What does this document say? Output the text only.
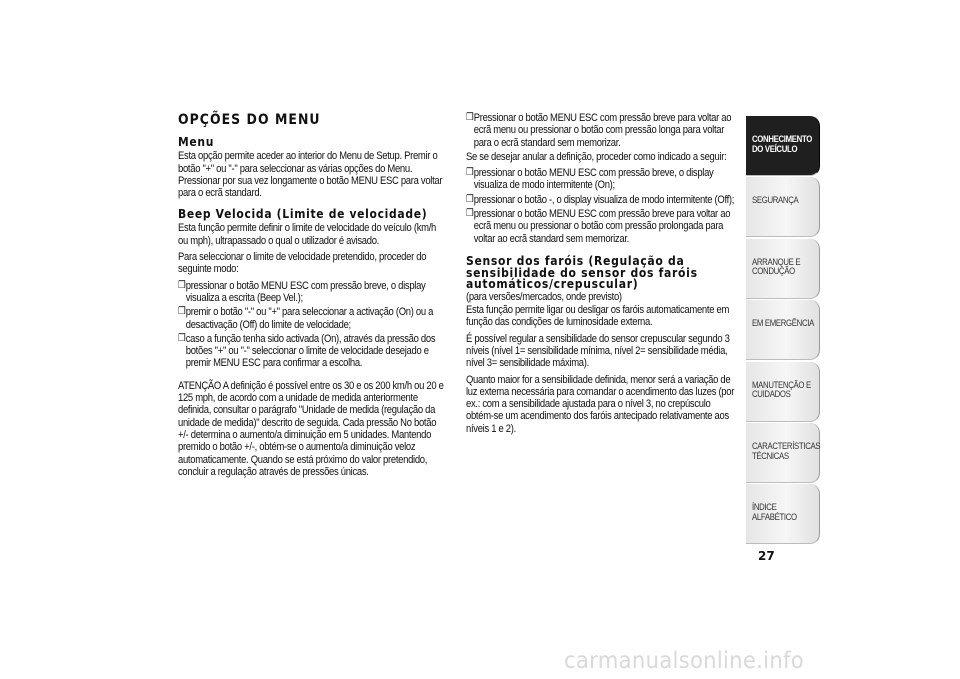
OPÇÕES DO MENU
Menu

Esta opção permite aceder ao interior do Menu de Setup. Premir o botão "+" ou "-" para seleccionar as várias opções do Menu. Pressionar por sua vez longamente o botão MENU ESC para voltar para o ecrã standard.

Beep Velocida (Limite de velocidade)

Esta função permite definir o limite de velocidade do veículo (km/h ou mph), ultrapassado o qual o utilizador é avisado.

Para seleccionar o limite de velocidade pretendido, proceder do seguinte modo:

❒ pressionar o botão MENU ESC com pressão breve, o display visualiza a escrita (Beep Vel.);
❒ premir o botão "-" ou "+" para seleccionar a activação (On) ou a desactivação (Off) do limite de velocidade;
❒ caso a função tenha sido activada (On), através da pressão dos botões "+" ou "-" seleccionar o limite de velocidade desejado e premir MENU ESC para confirmar a escolha.

ATENÇÃO A definição é possível entre os 30 e os 200 km/h ou 20 e 125 mph, de acordo com a unidade de medida anteriormente definida, consultar o parágrafo "Unidade de medida (regulação da unidade de medida)" descrito de seguida. Cada pressão No botão +/- determina o aumento/a diminuição em 5 unidades. Mantendo premido o botão +/-, obtém-se o aumento/a diminuição veloz automaticamente. Quando se está próximo do valor pretendido, concluir a regulação através de pressões únicas.

❒ Pressionar o botão MENU ESC com pressão breve para voltar ao ecrã menu ou pressionar o botão com pressão longa para voltar para o ecrã standard sem memorizar.

Se se desejar anular a definição, proceder como indicado a seguir:

❒ pressionar o botão MENU ESC com pressão breve, o display visualiza de modo intermitente (On);
❒ pressionar o botão -, o display visualiza de modo intermitente (Off);
❒ pressionar o botão MENU ESC com pressão breve para voltar ao ecrã menu ou pressionar o botão com pressão prolongada para voltar ao ecrã standard sem memorizar.
Sensor dos faróis (Regulação da sensibilidade do sensor dos faróis automáticos/crepuscular)

(para versões/mercados, onde previsto)

Esta função permite ligar ou desligar os faróis automaticamente em função das condições de luminosidade externa.

É possível regular a sensibilidade do sensor crepuscular segundo 3 níveis (nível 1= sensibilidade mínima, nível 2= sensibilidade média, nível 3= sensibilidade máxima).

Quanto maior for a sensibilidade definida, menor será a variação de luz externa necessária para comandar o acendimento das luzes (por ex.: com a sensibilidade ajustada para o nível 3, no crepúsculo obtém-se um acendimento dos faróis antecipado relativamente aos níveis 1 e 2).

CONHECIMENTO DO VEÍCULO
SEGURANÇA
ARRANQUE E CONDUÇÃO
EM EMERGÊNCIA
MANUTENÇÃO E CUIDADOS
CARACTERÍSTICAS TÉCNICAS
ÍNDICE ALFABÉTICO
27
carmanualsonline.info
